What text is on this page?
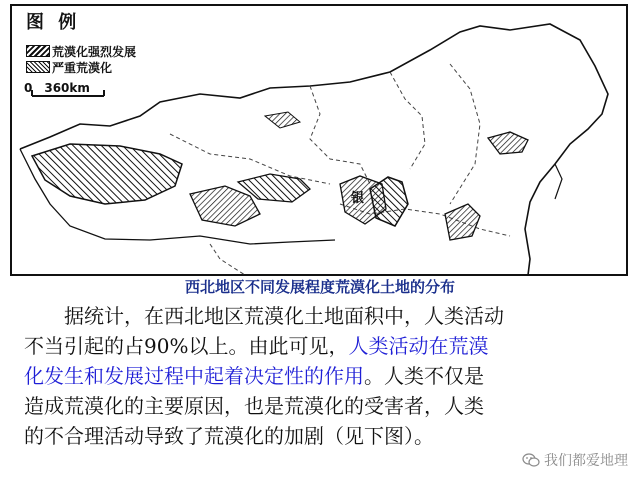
图 例
荒漠化强烈发展
严重荒漠化
0 360km
银
西北地区不同发展程度荒漠化土地的分布
  据统计，在西北地区荒漠化土地面积中，人类活动
不当引起的占90%以上。由此可见，人类活动在荒漠
化发生和发展过程中起着决定性的作用。人类不仅是
造成荒漠化的主要原因，也是荒漠化的受害者，人类
的不合理活动导致了荒漠化的加剧（见下图）。
我们都爱地理
